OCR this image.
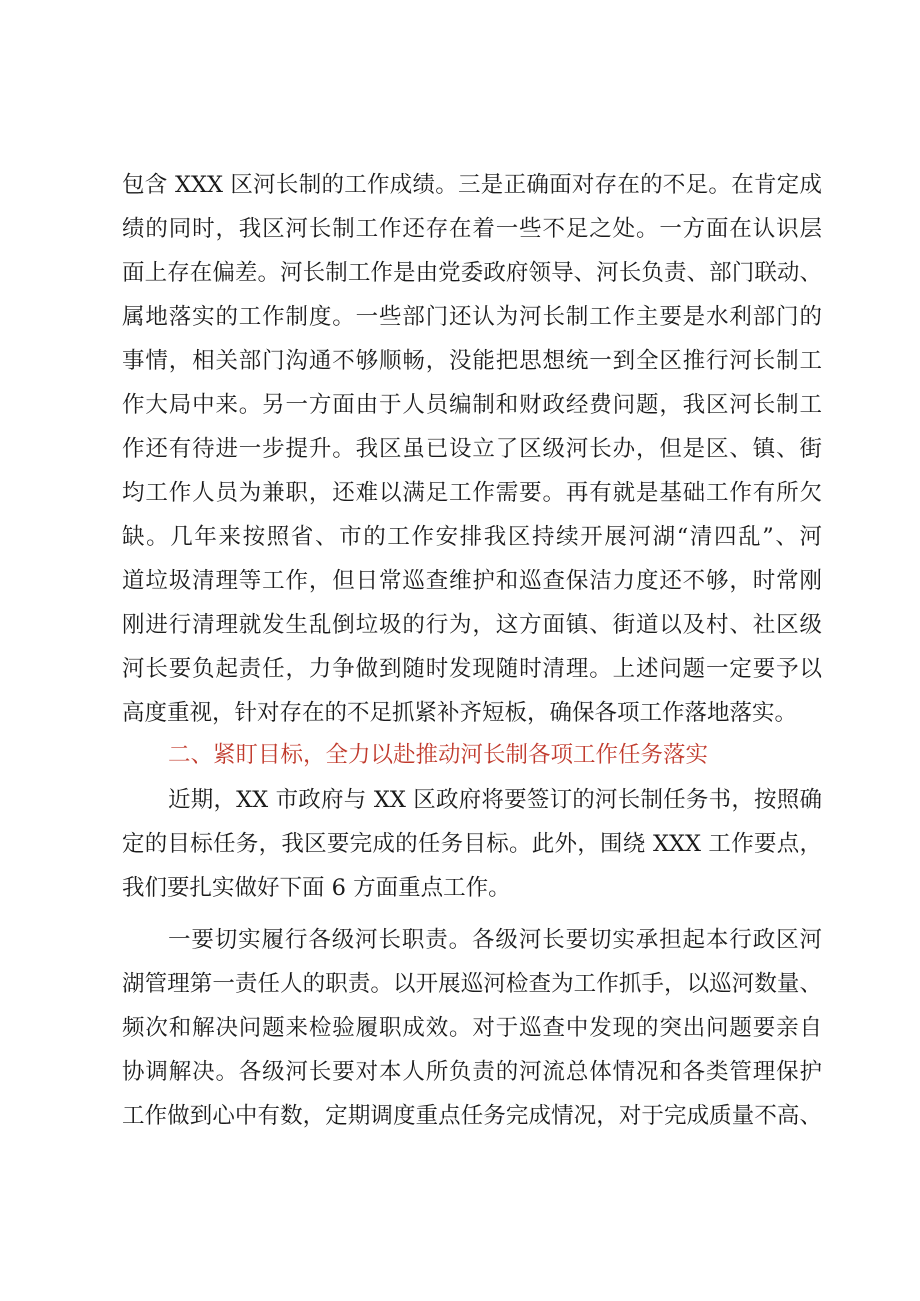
包含 XXX 区河长制的工作成绩。三是正确面对存在的不足。在肯定成
绩的同时，我区河长制工作还存在着一些不足之处。一方面在认识层
面上存在偏差。河长制工作是由党委政府领导、河长负责、部门联动、
属地落实的工作制度。一些部门还认为河长制工作主要是水利部门的
事情，相关部门沟通不够顺畅，没能把思想统一到全区推行河长制工
作大局中来。另一方面由于人员编制和财政经费问题，我区河长制工
作还有待进一步提升。我区虽已设立了区级河长办，但是区、镇、街
均工作人员为兼职，还难以满足工作需要。再有就是基础工作有所欠
缺。几年来按照省、市的工作安排我区持续开展河湖“清四乱”、河
道垃圾清理等工作，但日常巡查维护和巡查保洁力度还不够，时常刚
刚进行清理就发生乱倒垃圾的行为，这方面镇、街道以及村、社区级
河长要负起责任，力争做到随时发现随时清理。上述问题一定要予以
高度重视，针对存在的不足抓紧补齐短板，确保各项工作落地落实。
二、紧盯目标，全力以赴推动河长制各项工作任务落实
近期，XX 市政府与 XX 区政府将要签订的河长制任务书，按照确
定的目标任务，我区要完成的任务目标。此外，围绕 XXX 工作要点，
我们要扎实做好下面 6 方面重点工作。
一要切实履行各级河长职责。各级河长要切实承担起本行政区河
湖管理第一责任人的职责。以开展巡河检查为工作抓手，以巡河数量、
频次和解决问题来检验履职成效。对于巡查中发现的突出问题要亲自
协调解决。各级河长要对本人所负责的河流总体情况和各类管理保护
工作做到心中有数，定期调度重点任务完成情况，对于完成质量不高、
